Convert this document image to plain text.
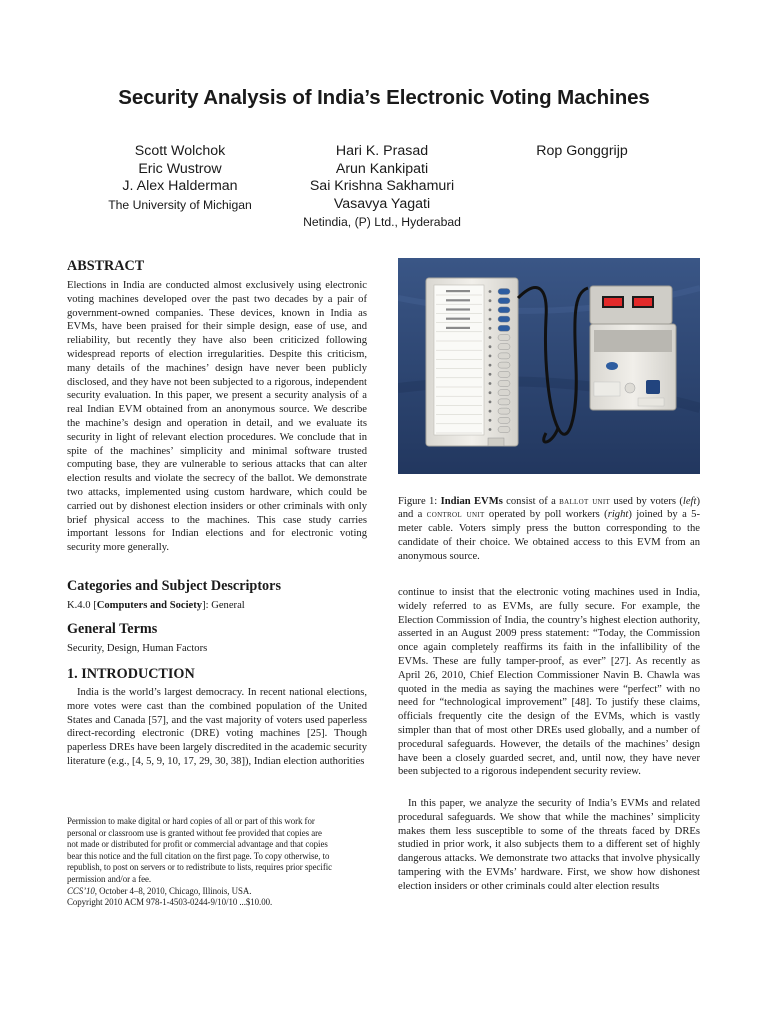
Security Analysis of India’s Electronic Voting Machines
Scott Wolchok
Eric Wustrow
J. Alex Halderman
The University of Michigan
Hari K. Prasad
Arun Kankipati
Sai Krishna Sakhamuri
Vasavya Yagati
Netindia, (P) Ltd., Hyderabad
Rop Gonggrijp
ABSTRACT

Elections in India are conducted almost exclusively using electronic voting machines developed over the past two decades by a pair of government-owned companies. These devices, known in India as EVMs, have been praised for their simple design, ease of use, and reliability, but recently they have also been criticized following widespread reports of election irregularities. Despite this criticism, many details of the machines’ design have never been publicly disclosed, and they have not been subjected to a rigorous, independent security evaluation. In this paper, we present a security analysis of a real Indian EVM obtained from an anonymous source. We describe the machine’s design and operation in detail, and we evaluate its security in light of relevant election procedures. We conclude that in spite of the machines’ simplicity and minimal software trusted computing base, they are vulnerable to serious attacks that can alter election results and violate the secrecy of the ballot. We demonstrate two attacks, implemented using custom hardware, which could be carried out by dishonest election insiders or other criminals with only brief physical access to the machines. This case study carries important lessons for Indian elections and for electronic voting security more generally.

Categories and Subject Descriptors

K.4.0 [Computers and Society]: General

General Terms

Security, Design, Human Factors

1. INTRODUCTION

India is the world’s largest democracy. In recent national elections, more votes were cast than the combined population of the United States and Canada [57], and the vast majority of voters used paperless direct-recording electronic (DRE) voting machines [25]. Though paperless DREs have been largely discredited in the academic security literature (e.g., [4, 5, 9, 10, 17, 29, 30, 38]), Indian election authorities

Permission to make digital or hard copies of all or part of this work for
personal or classroom use is granted without fee provided that copies are
not made or distributed for profit or commercial advantage and that copies
bear this notice and the full citation on the first page. To copy otherwise, to
republish, to post on servers or to redistribute to lists, requires prior specific
permission and/or a fee.
CCS’10, October 4–8, 2010, Chicago, Illinois, USA.
Copyright 2010 ACM 978-1-4503-0244-9/10/10 ...$10.00.

Figure 1: Indian EVMs consist of a ballot unit used by voters (left) and a control unit operated by poll workers (right) joined by a 5-meter cable. Voters simply press the button corresponding to the candidate of their choice. We obtained access to this EVM from an anonymous source.

continue to insist that the electronic voting machines used in India, widely referred to as EVMs, are fully secure. For example, the Election Commission of India, the country’s highest election authority, asserted in an August 2009 press statement: “Today, the Commission once again completely reaffirms its faith in the infallibility of the EVMs. These are fully tamper-proof, as ever” [27]. As recently as April 26, 2010, Chief Election Commissioner Navin B. Chawla was quoted in the media as saying the machines were “perfect” with no need for “technological improvement” [48]. To justify these claims, officials frequently cite the design of the EVMs, which is vastly simpler than that of most other DREs used globally, and a number of procedural safeguards. However, the details of the machines’ design have been a closely guarded secret, and, until now, they have never been subjected to a rigorous independent security review.

In this paper, we analyze the security of India’s EVMs and related procedural safeguards. We show that while the machines’ simplicity makes them less susceptible to some of the threats faced by DREs studied in prior work, it also subjects them to a different set of highly dangerous attacks. We demonstrate two attacks that involve physically tampering with the EVMs’ hardware. First, we show how dishonest election insiders or other criminals could alter election results
